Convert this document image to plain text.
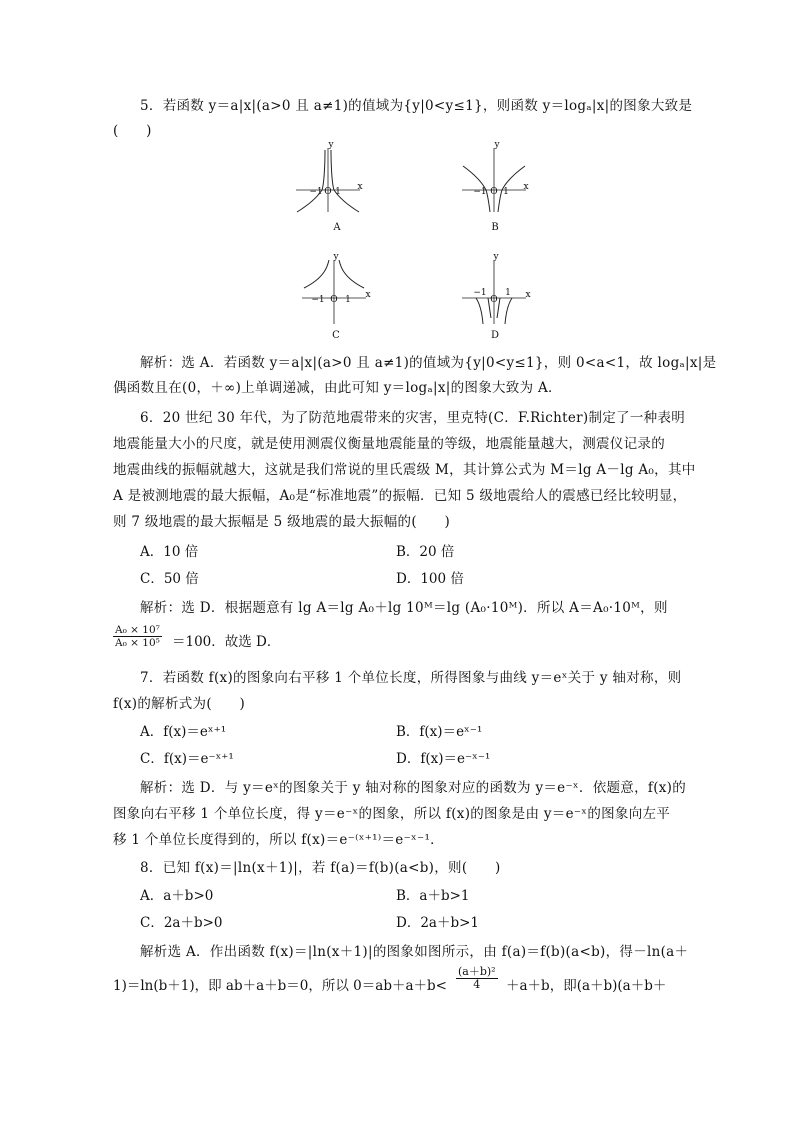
5．若函数 y＝a|x|(a>0 且 a≠1)的值域为{y|0<y≤1}，则函数 y＝logₐ|x|的图象大致是
(　　)
−1 O 1	x
y
A
−1 O 1	x
y
B
−1 O 1	x
y
C
−1
O
1	x
y
D
解析：选 A．若函数 y＝a|x|(a>0 且 a≠1)的值域为{y|0<y≤1}，则 0<a<1，故 logₐ|x|是
偶函数且在(0，＋∞)上单调递减，由此可知 y＝logₐ|x|的图象大致为 A．
6．20 世纪 30 年代，为了防范地震带来的灾害，里克特(C．F.Richter)制定了一种表明
地震能量大小的尺度，就是使用测震仪衡量地震能量的等级，地震能量越大，测震仪记录的
地震曲线的振幅就越大，这就是我们常说的里氏震级 M，其计算公式为 M＝lg A－lg A₀，其中
A 是被测地震的最大振幅，A₀是“标准地震”的振幅．已知 5 级地震给人的震感已经比较明显，
则 7 级地震的最大振幅是 5 级地震的最大振幅的(　　)
A．10 倍	B．20 倍
C．50 倍	D．100 倍
解析：选 D．根据题意有 lg A＝lg A₀＋lg 10ᴹ＝lg (A₀·10ᴹ)．所以 A＝A₀·10ᴹ，则
$\frac{\text{A₀ × 10⁷}}{\text{A₀ × 10⁵}} =100$．故选 D．
7．若函数 f(x)的图象向右平移 1 个单位长度，所得图象与曲线 y＝eˣ关于 y 轴对称，则
f(x)的解析式为(　　)
A．f(x)＝eˣ⁺¹	B．f(x)＝eˣ⁻¹
C．f(x)＝e⁻ˣ⁺¹	D．f(x)＝e⁻ˣ⁻¹
解析：选 D．与 y＝eˣ的图象关于 y 轴对称的图象对应的函数为 y＝e⁻ˣ．依题意，f(x)的
图象向右平移 1 个单位长度，得 y＝e⁻ˣ的图象，所以 f(x)的图象是由 y＝e⁻ˣ的图象向左平
移 1 个单位长度得到的，所以 f(x)＝e⁻⁽ˣ⁺¹⁾＝e⁻ˣ⁻¹．
8．已知 f(x)＝|ln(x＋1)|，若 f(a)＝f(b)(a<b)，则(　　)
A．a＋b>0	B．a＋b>1
C．2a＋b>0	D．2a＋b>1
解析选 A．作出函数 f(x)＝|ln(x＋1)|的图象如图所示，由 f(a)＝f(b)(a<b)，得－ln(a＋
1)＝ln(b＋1)，即 ab＋a＋b＝0，所以 $0=ab+a+b< \frac{\text{(a＋b)²}}{4} +a+b$，即(a＋b)(a＋b＋
